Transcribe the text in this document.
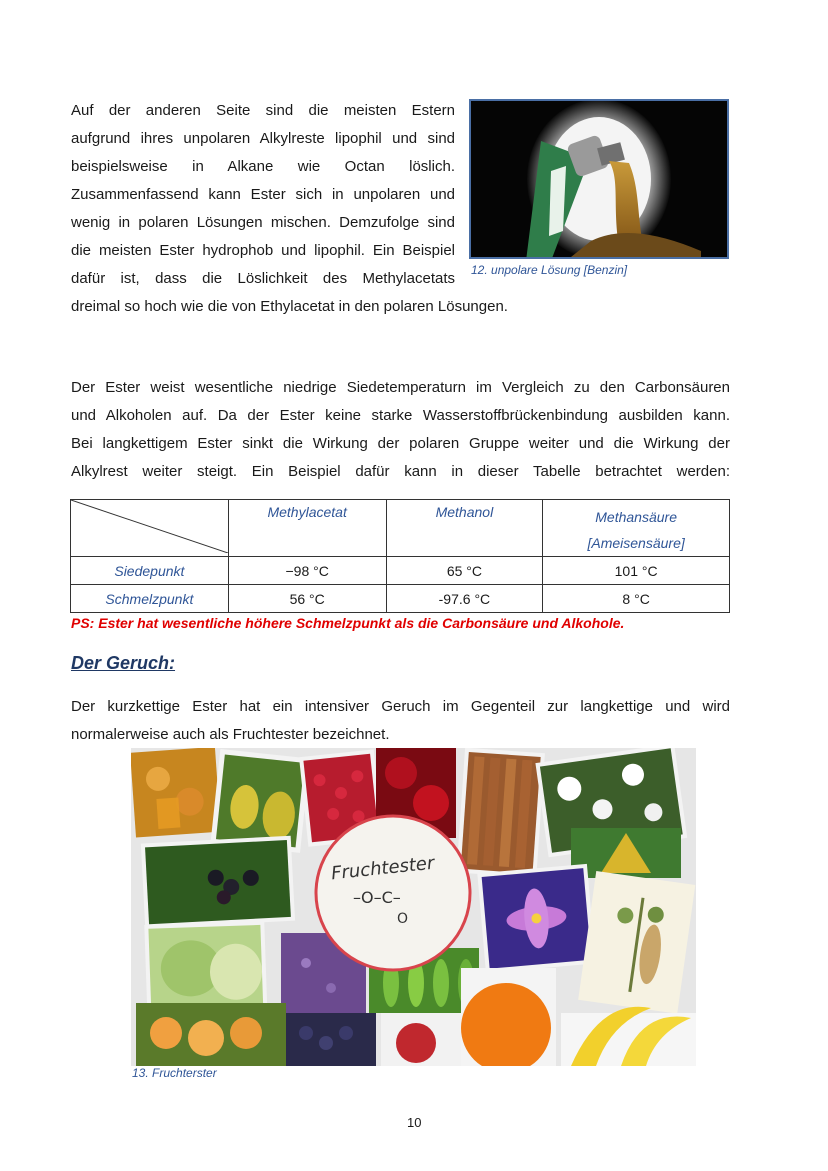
Auf der anderen Seite sind die meisten Estern
aufgrund ihres unpolaren Alkylreste lipophil und sind
beispielsweise in Alkane wie Octan löslich.
Zusammenfassend kann Ester sich in unpolaren und
wenig in polaren Lösungen mischen. Demzufolge sind
die meisten Ester hydrophob und lipophil. Ein Beispiel
dafür ist, dass die Löslichkeit des Methylacetats
dreimal so hoch wie die von Ethylacetat in den polaren Lösungen.
12. unpolare Lösung [Benzin]
Der Ester weist wesentliche niedrige Siedetemperaturn im Vergleich zu den Carbonsäuren
und Alkoholen auf. Da der Ester keine starke Wasserstoffbrückenbindung ausbilden kann.
Bei langkettigem Ester sinkt die Wirkung der polaren Gruppe weiter und die Wirkung der
Alkylrest weiter steigt. Ein Beispiel dafür kann in dieser Tabelle betrachtet werden:
	Methylacetat	Methanol	Methansäure
[Ameisensäure]
Siedepunkt	−98 °C	65 °C	101 °C
Schmelzpunkt	56 °C	-97.6 °C	8 °C
PS: Ester hat wesentliche höhere Schmelzpunkt als die Carbonsäure und Alkohole.
Der Geruch:
Der kurzkettige Ester hat ein intensiver Geruch im Gegenteil zur langkettige und wird
normalerweise auch als Fruchtester bezeichnet.
Fruchtester
–O–C–
O
13. Fruchterster
10
